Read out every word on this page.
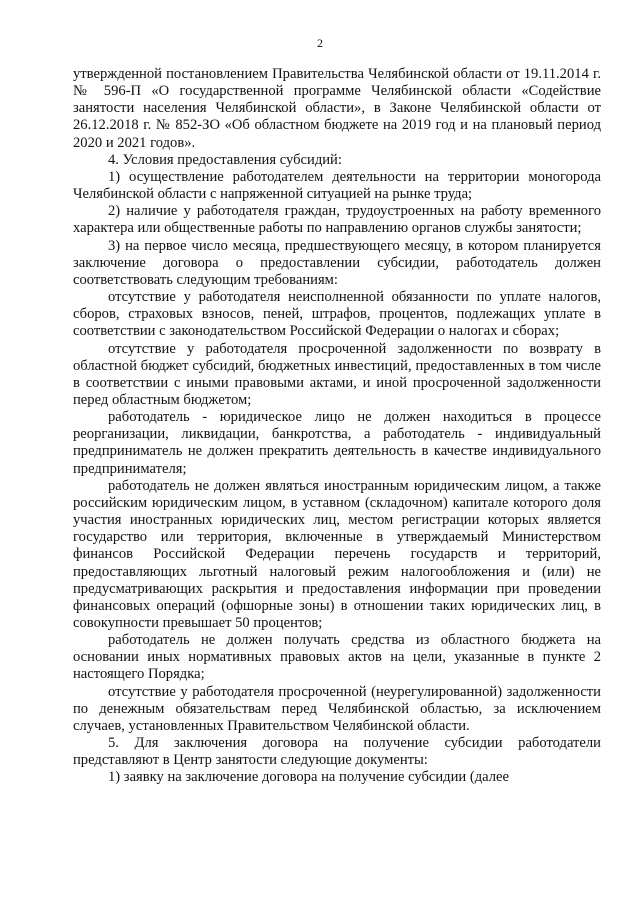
2

утвержденной постановлением Правительства Челябинской области от 19.11.2014 г. № 596-П «О государственной программе Челябинской области «Содействие занятости населения Челябинской области», в Законе Челябинской области от 26.12.2018 г. № 852-ЗО «Об областном бюджете на 2019 год и на плановый период 2020 и 2021 годов».

4. Условия предоставления субсидий:

1) осуществление работодателем деятельности на территории моногорода Челябинской области с напряженной ситуацией на рынке труда;

2) наличие у работодателя граждан, трудоустроенных на работу временного характера или общественные работы по направлению органов службы занятости;

3) на первое число месяца, предшествующего месяцу, в котором планируется заключение договора о предоставлении субсидии, работодатель должен соответствовать следующим требованиям:

отсутствие у работодателя неисполненной обязанности по уплате налогов, сборов, страховых взносов, пеней, штрафов, процентов, подлежащих уплате в соответствии с законодательством Российской Федерации о налогах и сборах;

отсутствие у работодателя просроченной задолженности по возврату в областной бюджет субсидий, бюджетных инвестиций, предоставленных в том числе в соответствии с иными правовыми актами, и иной просроченной задолженности перед областным бюджетом;

работодатель - юридическое лицо не должен находиться в процессе реорганизации, ликвидации, банкротства, а работодатель - индивидуальный предприниматель не должен прекратить деятельность в качестве индивидуального предпринимателя;

работодатель не должен являться иностранным юридическим лицом, а также российским юридическим лицом, в уставном (складочном) капитале которого доля участия иностранных юридических лиц, местом регистрации которых является государство или территория, включенные в утверждаемый Министерством финансов Российской Федерации перечень государств и территорий, предоставляющих льготный налоговый режим налогообложения и (или) не предусматривающих раскрытия и предоставления информации при проведении финансовых операций (офшорные зоны) в отношении таких юридических лиц, в совокупности превышает 50 процентов;

работодатель не должен получать средства из областного бюджета на основании иных нормативных правовых актов на цели, указанные в пункте 2 настоящего Порядка;

отсутствие у работодателя просроченной (неурегулированной) задолженности по денежным обязательствам перед Челябинской областью, за исключением случаев, установленных Правительством Челябинской области.

5. Для заключения договора на получение субсидии работодатели представляют в Центр занятости следующие документы:

1) заявку на заключение договора на получение субсидии (далее
